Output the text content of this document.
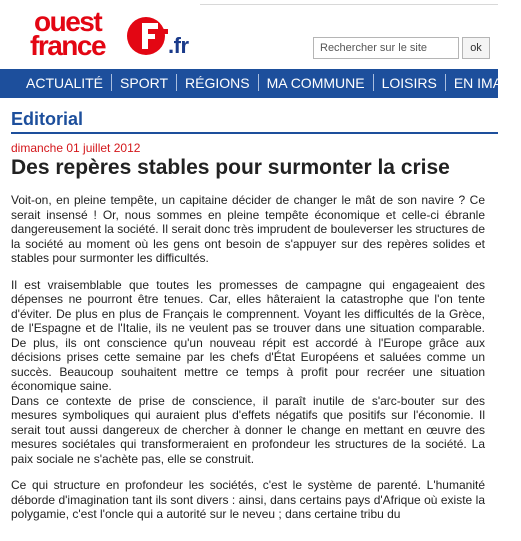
ouest
france	.fr
Rechercher sur le site	ok
ACTUALITÉ SPORT RÉGIONS MA COMMUNE LOISIRS EN IMAG
Editorial
dimanche 01 juillet 2012
Des repères stables pour surmonter la crise

Voit-on, en pleine tempête, un capitaine décider de changer le mât de son navire ? Ce serait insensé ! Or, nous sommes en pleine tempête économique et celle-ci ébranle dangereusement la société. Il serait donc très imprudent de bouleverser les structures de la société au moment où les gens ont besoin de s'appuyer sur des repères solides et stables pour surmonter les difficultés.

Il est vraisemblable que toutes les promesses de campagne qui engageaient des dépenses ne pourront être tenues. Car, elles hâteraient la catastrophe que l'on tente d'éviter. De plus en plus de Français le comprennent. Voyant les difficultés de la Grèce, de l'Espagne et de l'Italie, ils ne veulent pas se trouver dans une situation comparable. De plus, ils ont conscience qu'un nouveau répit est accordé à l'Europe grâce aux décisions prises cette semaine par les chefs d'État Européens et saluées comme un succès. Beaucoup souhaitent mettre ce temps à profit pour recréer une situation économique saine.

Dans ce contexte de prise de conscience, il paraît inutile de s'arc-bouter sur des mesures symboliques qui auraient plus d'effets négatifs que positifs sur l'économie. Il serait tout aussi dangereux de chercher à donner le change en mettant en œuvre des mesures sociétales qui transformeraient en profondeur les structures de la société. La paix sociale ne s'achète pas, elle se construit.

Ce qui structure en profondeur les sociétés, c'est le système de parenté. L'humanité déborde d'imagination tant ils sont divers : ainsi, dans certains pays d'Afrique où existe la polygamie, c'est l'oncle qui a autorité sur le neveu ; dans certaine tribu du
